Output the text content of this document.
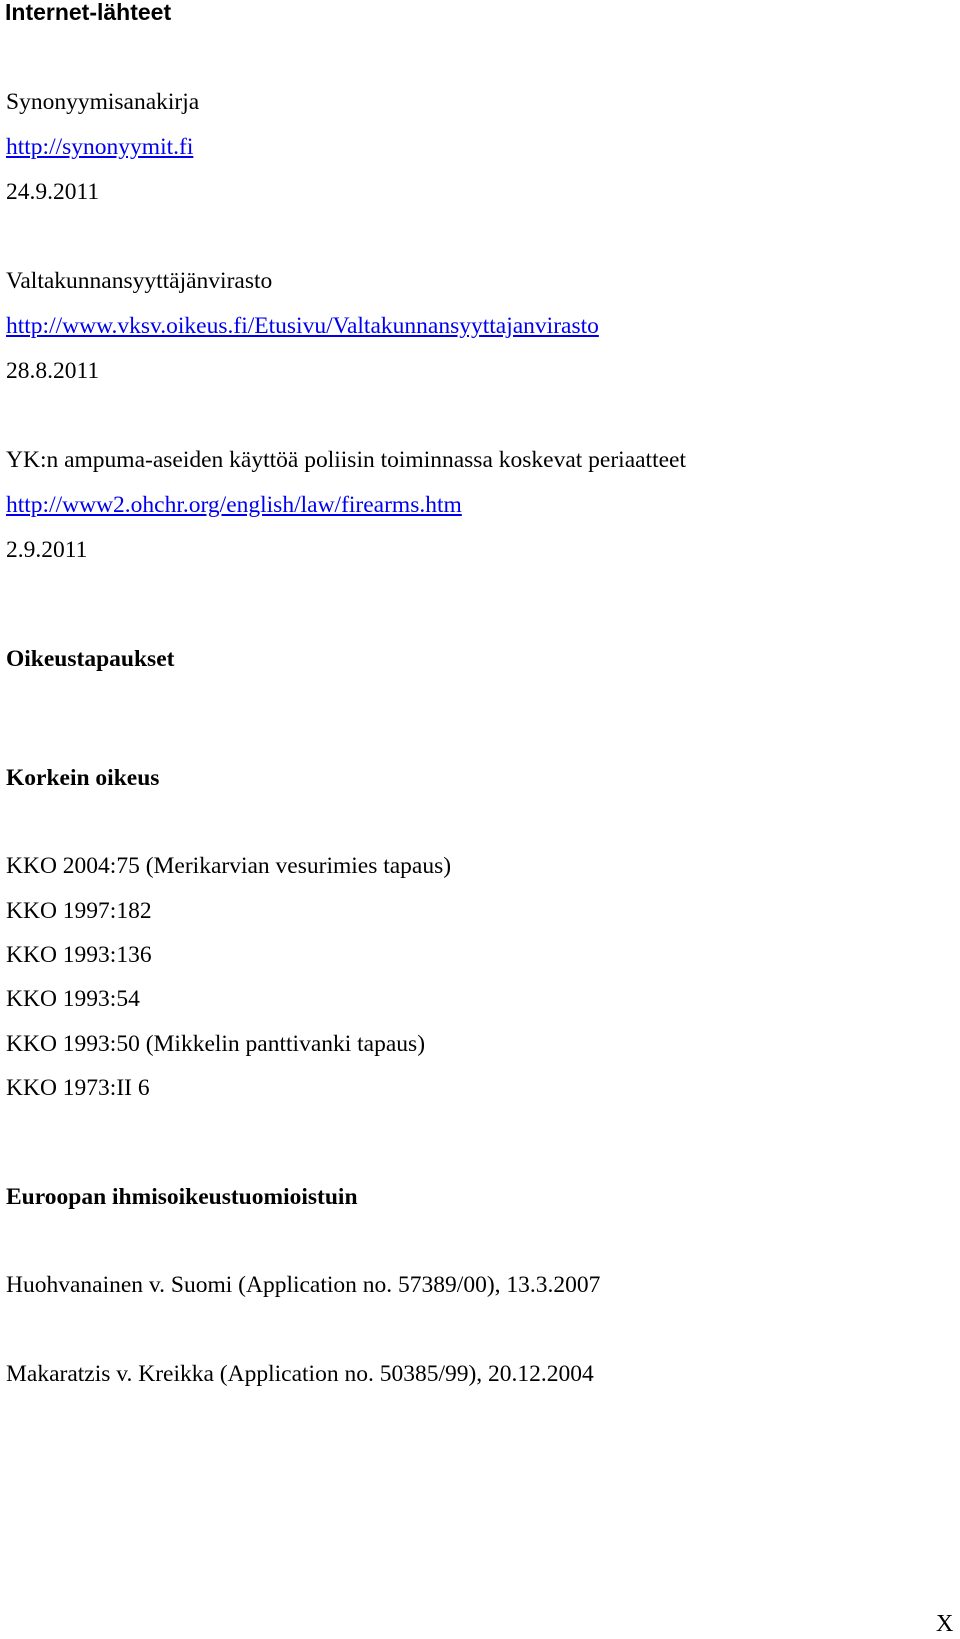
Internet-lähteet
Synonyymisanakirja
http://synonyymit.fi
24.9.2011
Valtakunnansyyttäjänvirasto
http://www.vksv.oikeus.fi/Etusivu/Valtakunnansyyttajanvirasto
28.8.2011
YK:n ampuma-aseiden käyttöä poliisin toiminnassa koskevat periaatteet
http://www2.ohchr.org/english/law/firearms.htm
2.9.2011
Oikeustapaukset
Korkein oikeus
KKO 2004:75 (Merikarvian vesurimies tapaus)
KKO 1997:182
KKO 1993:136
KKO 1993:54
KKO 1993:50 (Mikkelin panttivanki tapaus)
KKO 1973:II 6
Euroopan ihmisoikeustuomioistuin
Huohvanainen v. Suomi (Application no. 57389/00), 13.3.2007
Makaratzis v. Kreikka (Application no. 50385/99), 20.12.2004
X
